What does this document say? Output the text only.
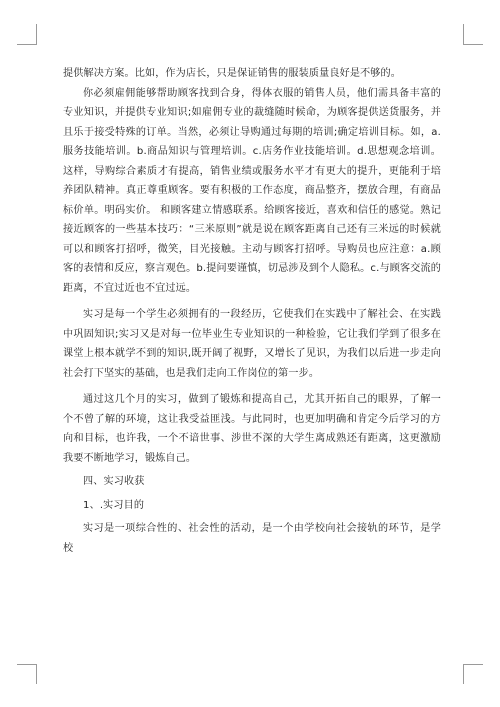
提供解决方案。比如，作为店长，只是保证销售的服装质量良好是不够的。

你必须雇佣能够帮助顾客找到合身，得体衣服的销售人员，他们需具备丰富的专业知识，并提供专业知识;如雇佣专业的裁缝随时候命，为顾客提供送货服务，并且乐于接受特殊的订单。当然，必须让导购通过每期的培训;确定培训目标。如，a.服务技能培训。b.商品知识与管理培训。c.店务作业技能培训。d.思想观念培训。 这样，导购综合素质才有提高，销售业绩或服务水平才有更大的提升，更能利于培养团队精神。真正尊重顾客。要有积极的工作态度，商品整齐，摆放合理，有商品标价单。明码实价。 和顾客建立情感联系。给顾客接近，喜欢和信任的感觉。熟记接近顾客的一些基本技巧：“三米原则”就是说在顾客距离自己还有三米远的时候就可以和顾客打招呼，微笑，目光接触。主动与顾客打招呼。导购员也应注意：a.顾客的表情和反应，察言观色。b.提问要谨慎，切忌涉及到个人隐私。c.与顾客交流的距离，不宜过近也不宜过远。

实习是每一个学生必须拥有的一段经历，它使我们在实践中了解社会、在实践中巩固知识;实习又是对每一位毕业生专业知识的一种检验，它让我们学到了很多在课堂上根本就学不到的知识,既开阔了视野，又增长了见识，为我们以后进一步走向社会打下坚实的基础，也是我们走向工作岗位的第一步。

通过这几个月的实习，做到了锻炼和提高自己，尤其开拓自己的眼界，了解一个不曾了解的环境，这让我受益匪浅。与此同时，也更加明确和肯定今后学习的方向和目标，也许我，一个不谙世事、涉世不深的大学生离成熟还有距离，这更激励我要不断地学习，锻炼自己。

四、实习收获

1、.实习目的

实习是一项综合性的、社会性的活动，是一个由学校向社会接轨的环节，是学校
